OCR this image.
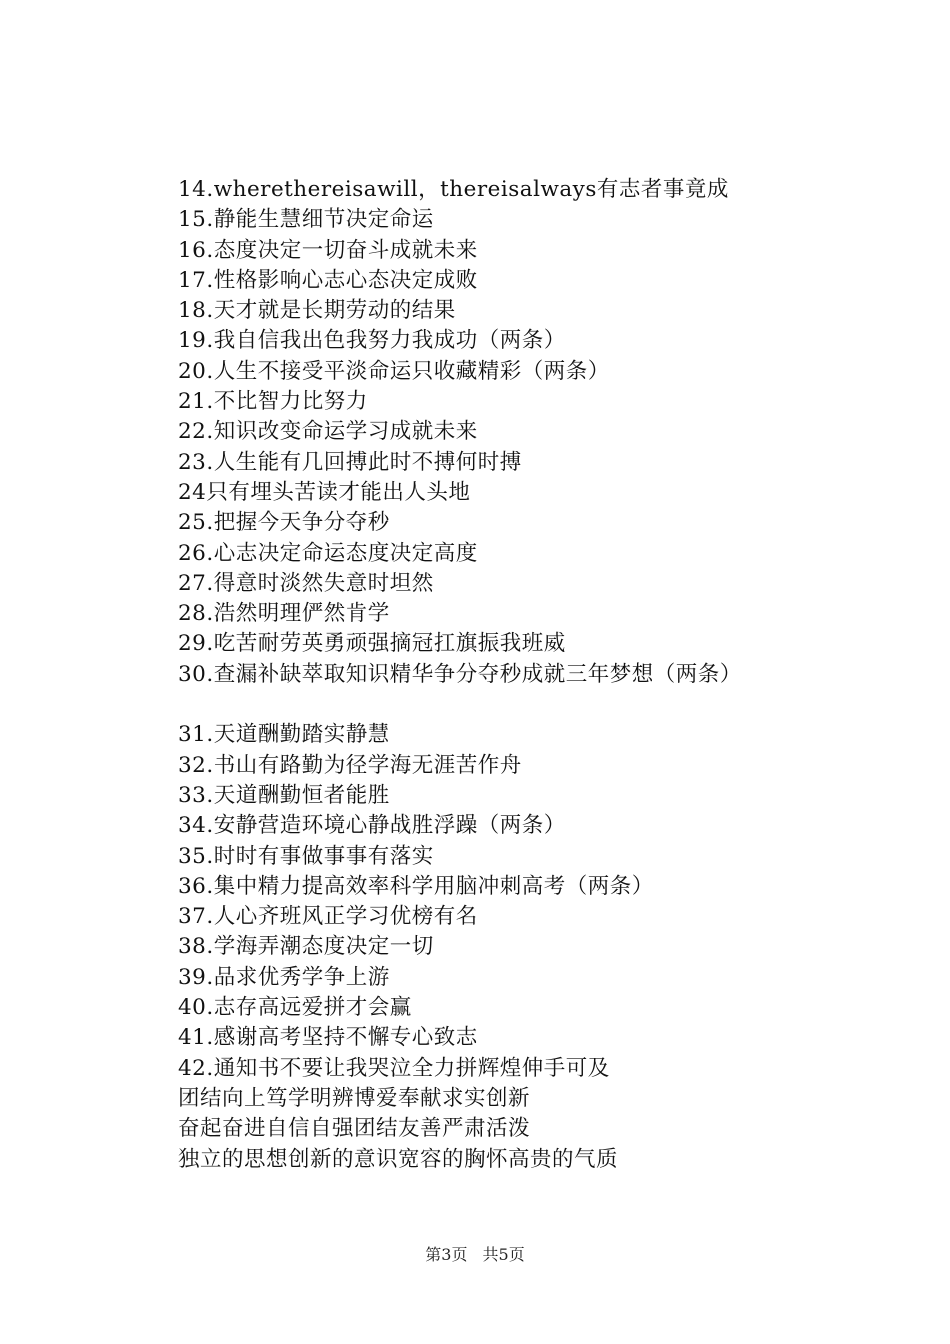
14.wherethereisawill，thereisalways有志者事竟成
15.静能生慧细节决定命运
16.态度决定一切奋斗成就未来
17.性格影响心志心态决定成败
18.天才就是长期劳动的结果
19.我自信我出色我努力我成功（两条）
20.人生不接受平淡命运只收藏精彩（两条）
21.不比智力比努力
22.知识改变命运学习成就未来
23.人生能有几回搏此时不搏何时搏
24只有埋头苦读才能出人头地
25.把握今天争分夺秒
26.心志决定命运态度决定高度
27.得意时淡然失意时坦然
28.浩然明理俨然肯学
29.吃苦耐劳英勇顽强摘冠扛旗振我班威
30.查漏补缺萃取知识精华争分夺秒成就三年梦想（两条）
31.天道酬勤踏实静慧
32.书山有路勤为径学海无涯苦作舟
33.天道酬勤恒者能胜
34.安静营造环境心静战胜浮躁（两条）
35.时时有事做事事有落实
36.集中精力提高效率科学用脑冲刺高考（两条）
37.人心齐班风正学习优榜有名
38.学海弄潮态度决定一切
39.品求优秀学争上游
40.志存高远爱拼才会赢
41.感谢高考坚持不懈专心致志
42.通知书不要让我哭泣全力拼辉煌伸手可及
团结向上笃学明辨博爱奉献求实创新
奋起奋进自信自强团结友善严肃活泼
独立的思想创新的意识宽容的胸怀高贵的气质
第3页 共5页
